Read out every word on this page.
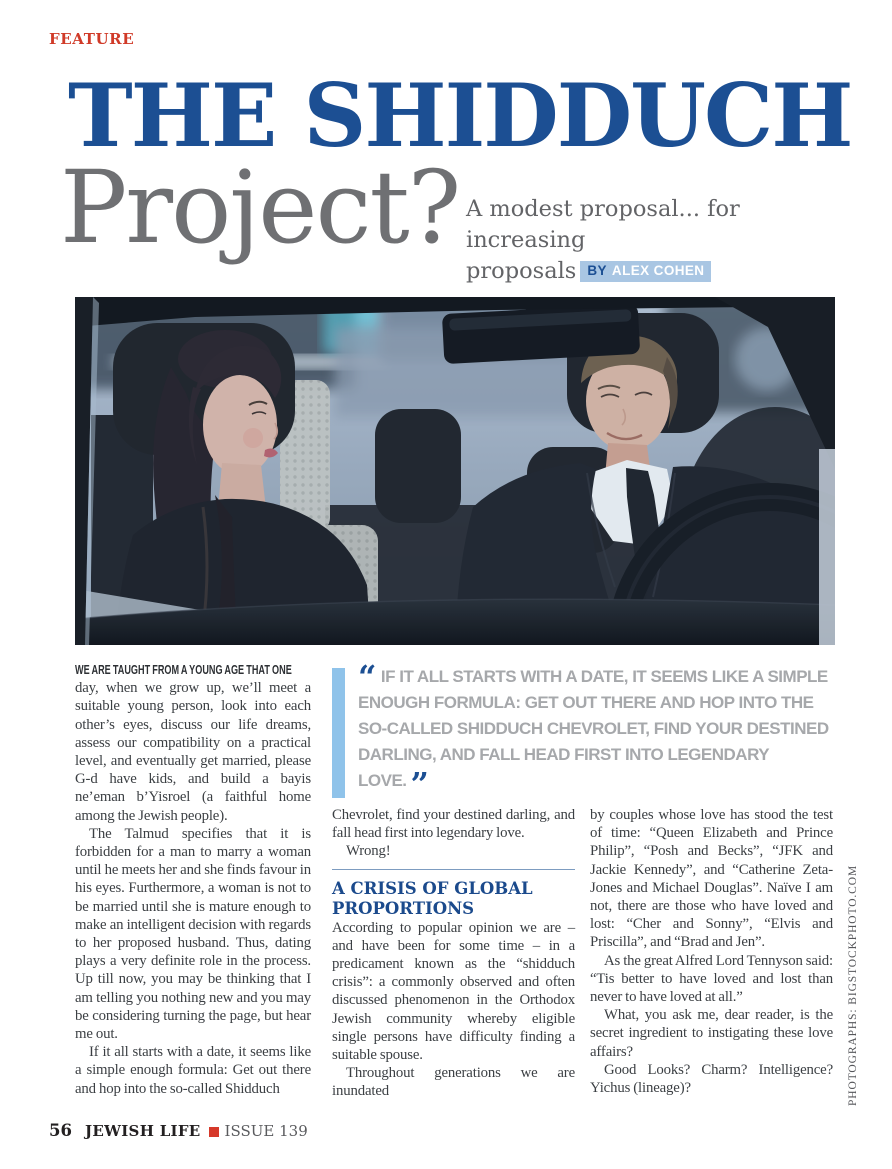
FEATURE
THE SHIDDUCH
Project? A modest proposal... for increasing
proposals BY ALEX COHEN
“ IF IT ALL STARTS WITH A DATE, IT SEEMS LIKE A SIMPLE ENOUGH FORMULA: GET OUT THERE AND HOP INTO THE SO-CALLED SHIDDUCH CHEVROLET, FIND YOUR DESTINED DARLING, AND FALL HEAD FIRST INTO LEGENDARY LOVE. ”

WE ARE TAUGHT FROM A YOUNG AGE THAT ONE day, when we grow up, we’ll meet a suitable young person, look into each other’s eyes, discuss our life dreams, assess our compatibility on a practical level, and eventually get married, please G-d have kids, and build a bayis ne’eman b’Yisroel (a faithful home among the Jewish people).

The Talmud specifies that it is forbidden for a man to marry a woman until he meets her and she finds favour in his eyes. Furthermore, a woman is not to be married until she is mature enough to make an intelligent decision with regards to her proposed husband. Thus, dating plays a very definite role in the process. Up till now, you may be thinking that I am telling you nothing new and you may be considering turning the page, but hear me out.

If it all starts with a date, it seems like a simple enough formula: Get out there and hop into the so-called Shidduch

Chevrolet, find your destined darling, and fall head first into legendary love.

Wrong!

A CRISIS OF GLOBAL PROPORTIONS

According to popular opinion we are – and have been for some time – in a predicament known as the “shidduch crisis”: a commonly observed and often discussed phenomenon in the Orthodox Jewish community whereby eligible single persons have difficulty finding a suitable spouse.

Throughout generations we are inundated

by couples whose love has stood the test of time: “Queen Elizabeth and Prince Philip”, “Posh and Becks”, “JFK and Jackie Kennedy”, and “Catherine Zeta-Jones and Michael Douglas”. Naïve I am not, there are those who have loved and lost: “Cher and Sonny”, “Elvis and Priscilla”, and “Brad and Jen”.

As the great Alfred Lord Tennyson said: “Tis better to have loved and lost than never to have loved at all.”

What, you ask me, dear reader, is the secret ingredient to instigating these love affairs?

Good Looks? Charm? Intelligence? Yichus (lineage)?

56 JEWISH LIFE ISSUE 139
PHOTOGRAPHS: BIGSTOCKPHOTO.COM
